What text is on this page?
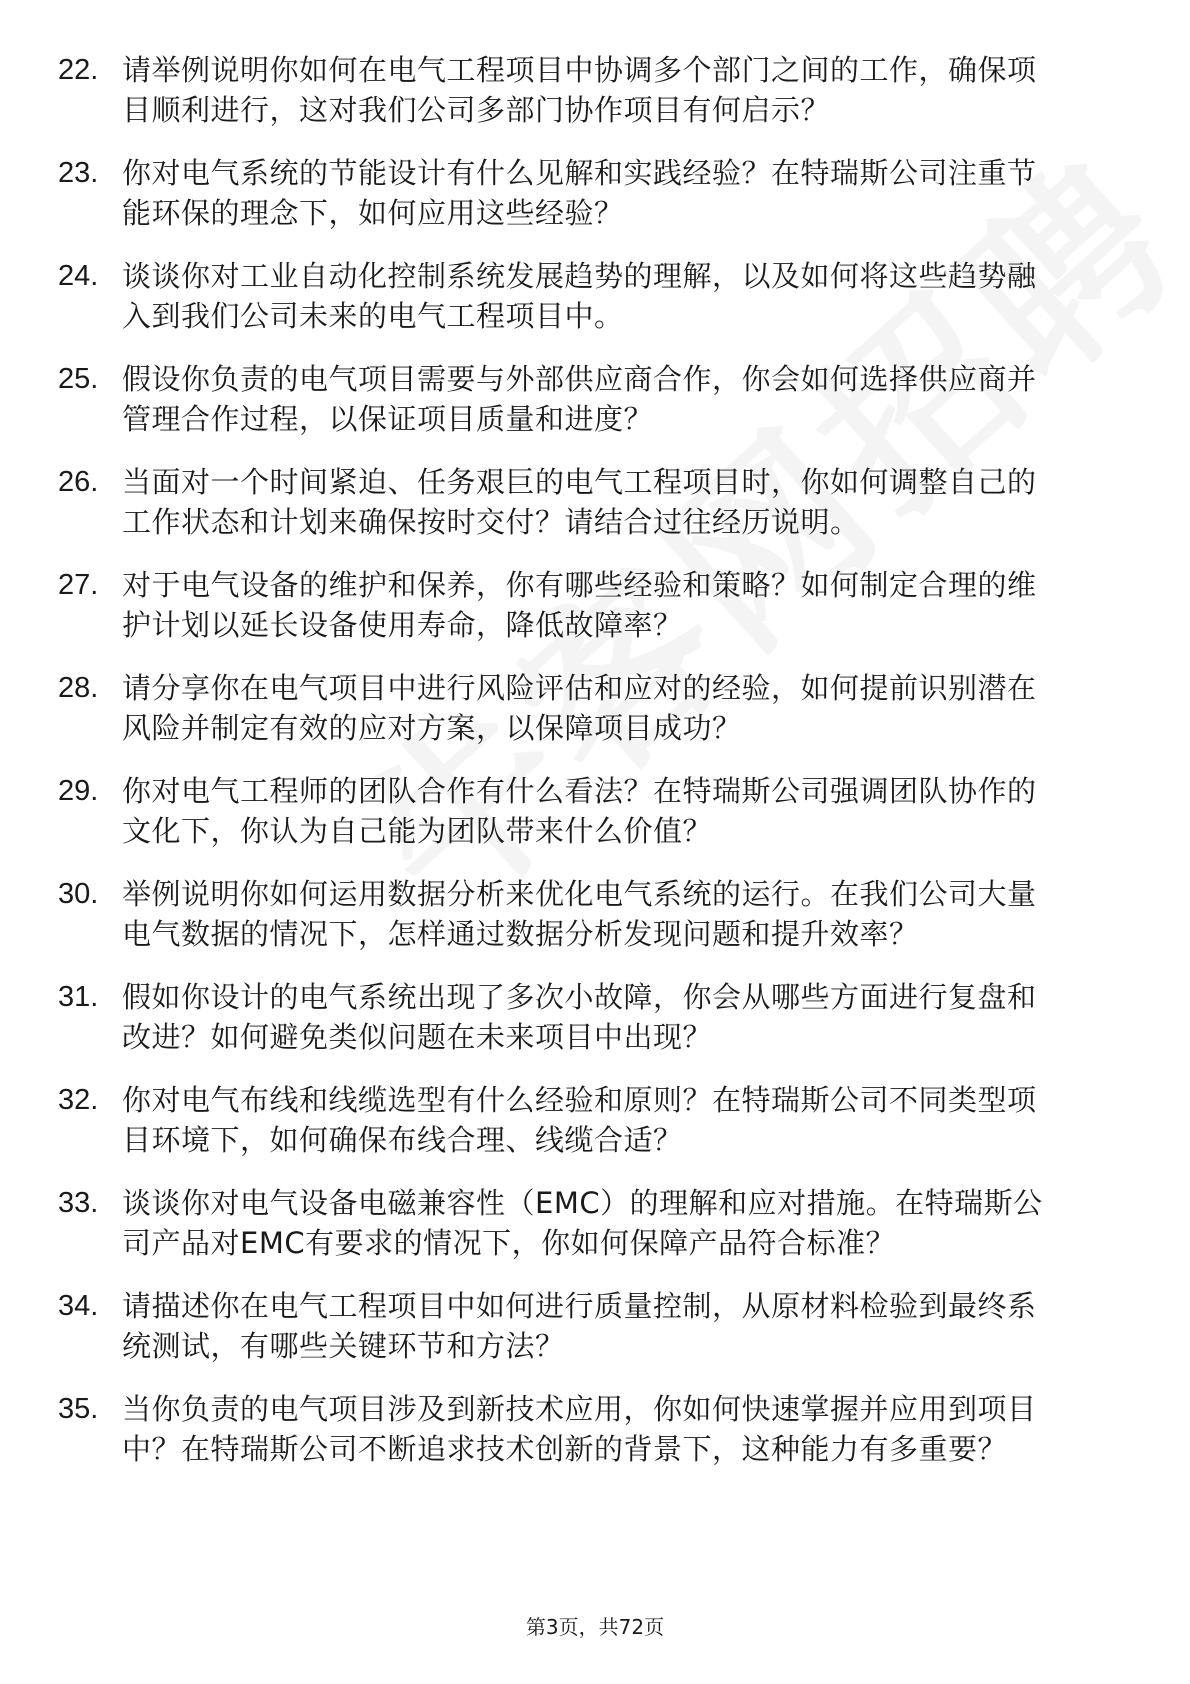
22. 请举例说明你如何在电气工程项目中协调多个部门之间的工作，确保项目顺利进行，这对我们公司多部门协作项目有何启示？
23. 你对电气系统的节能设计有什么见解和实践经验？在特瑞斯公司注重节能环保的理念下，如何应用这些经验？
24. 谈谈你对工业自动化控制系统发展趋势的理解，以及如何将这些趋势融入到我们公司未来的电气工程项目中。
25. 假设你负责的电气项目需要与外部供应商合作，你会如何选择供应商并管理合作过程，以保证项目质量和进度？
26. 当面对一个时间紧迫、任务艰巨的电气工程项目时，你如何调整自己的工作状态和计划来确保按时交付？请结合过往经历说明。
27. 对于电气设备的维护和保养，你有哪些经验和策略？如何制定合理的维护计划以延长设备使用寿命，降低故障率？
28. 请分享你在电气项目中进行风险评估和应对的经验，如何提前识别潜在风险并制定有效的应对方案，以保障项目成功？
29. 你对电气工程师的团队合作有什么看法？在特瑞斯公司强调团队协作的文化下，你认为自己能为团队带来什么价值？
30. 举例说明你如何运用数据分析来优化电气系统的运行。在我们公司大量电气数据的情况下，怎样通过数据分析发现问题和提升效率？
31. 假如你设计的电气系统出现了多次小故障，你会从哪些方面进行复盘和改进？如何避免类似问题在未来项目中出现？
32. 你对电气布线和线缆选型有什么经验和原则？在特瑞斯公司不同类型项目环境下，如何确保布线合理、线缆合适？
33. 谈谈你对电气设备电磁兼容性（EMC）的理解和应对措施。在特瑞斯公司产品对EMC有要求的情况下，你如何保障产品符合标准？
34. 请描述你在电气工程项目中如何进行质量控制，从原材料检验到最终系统测试，有哪些关键环节和方法？
35. 当你负责的电气项目涉及到新技术应用，你如何快速掌握并应用到项目中？在特瑞斯公司不断追求技术创新的背景下，这种能力有多重要？
第3页，共72页
